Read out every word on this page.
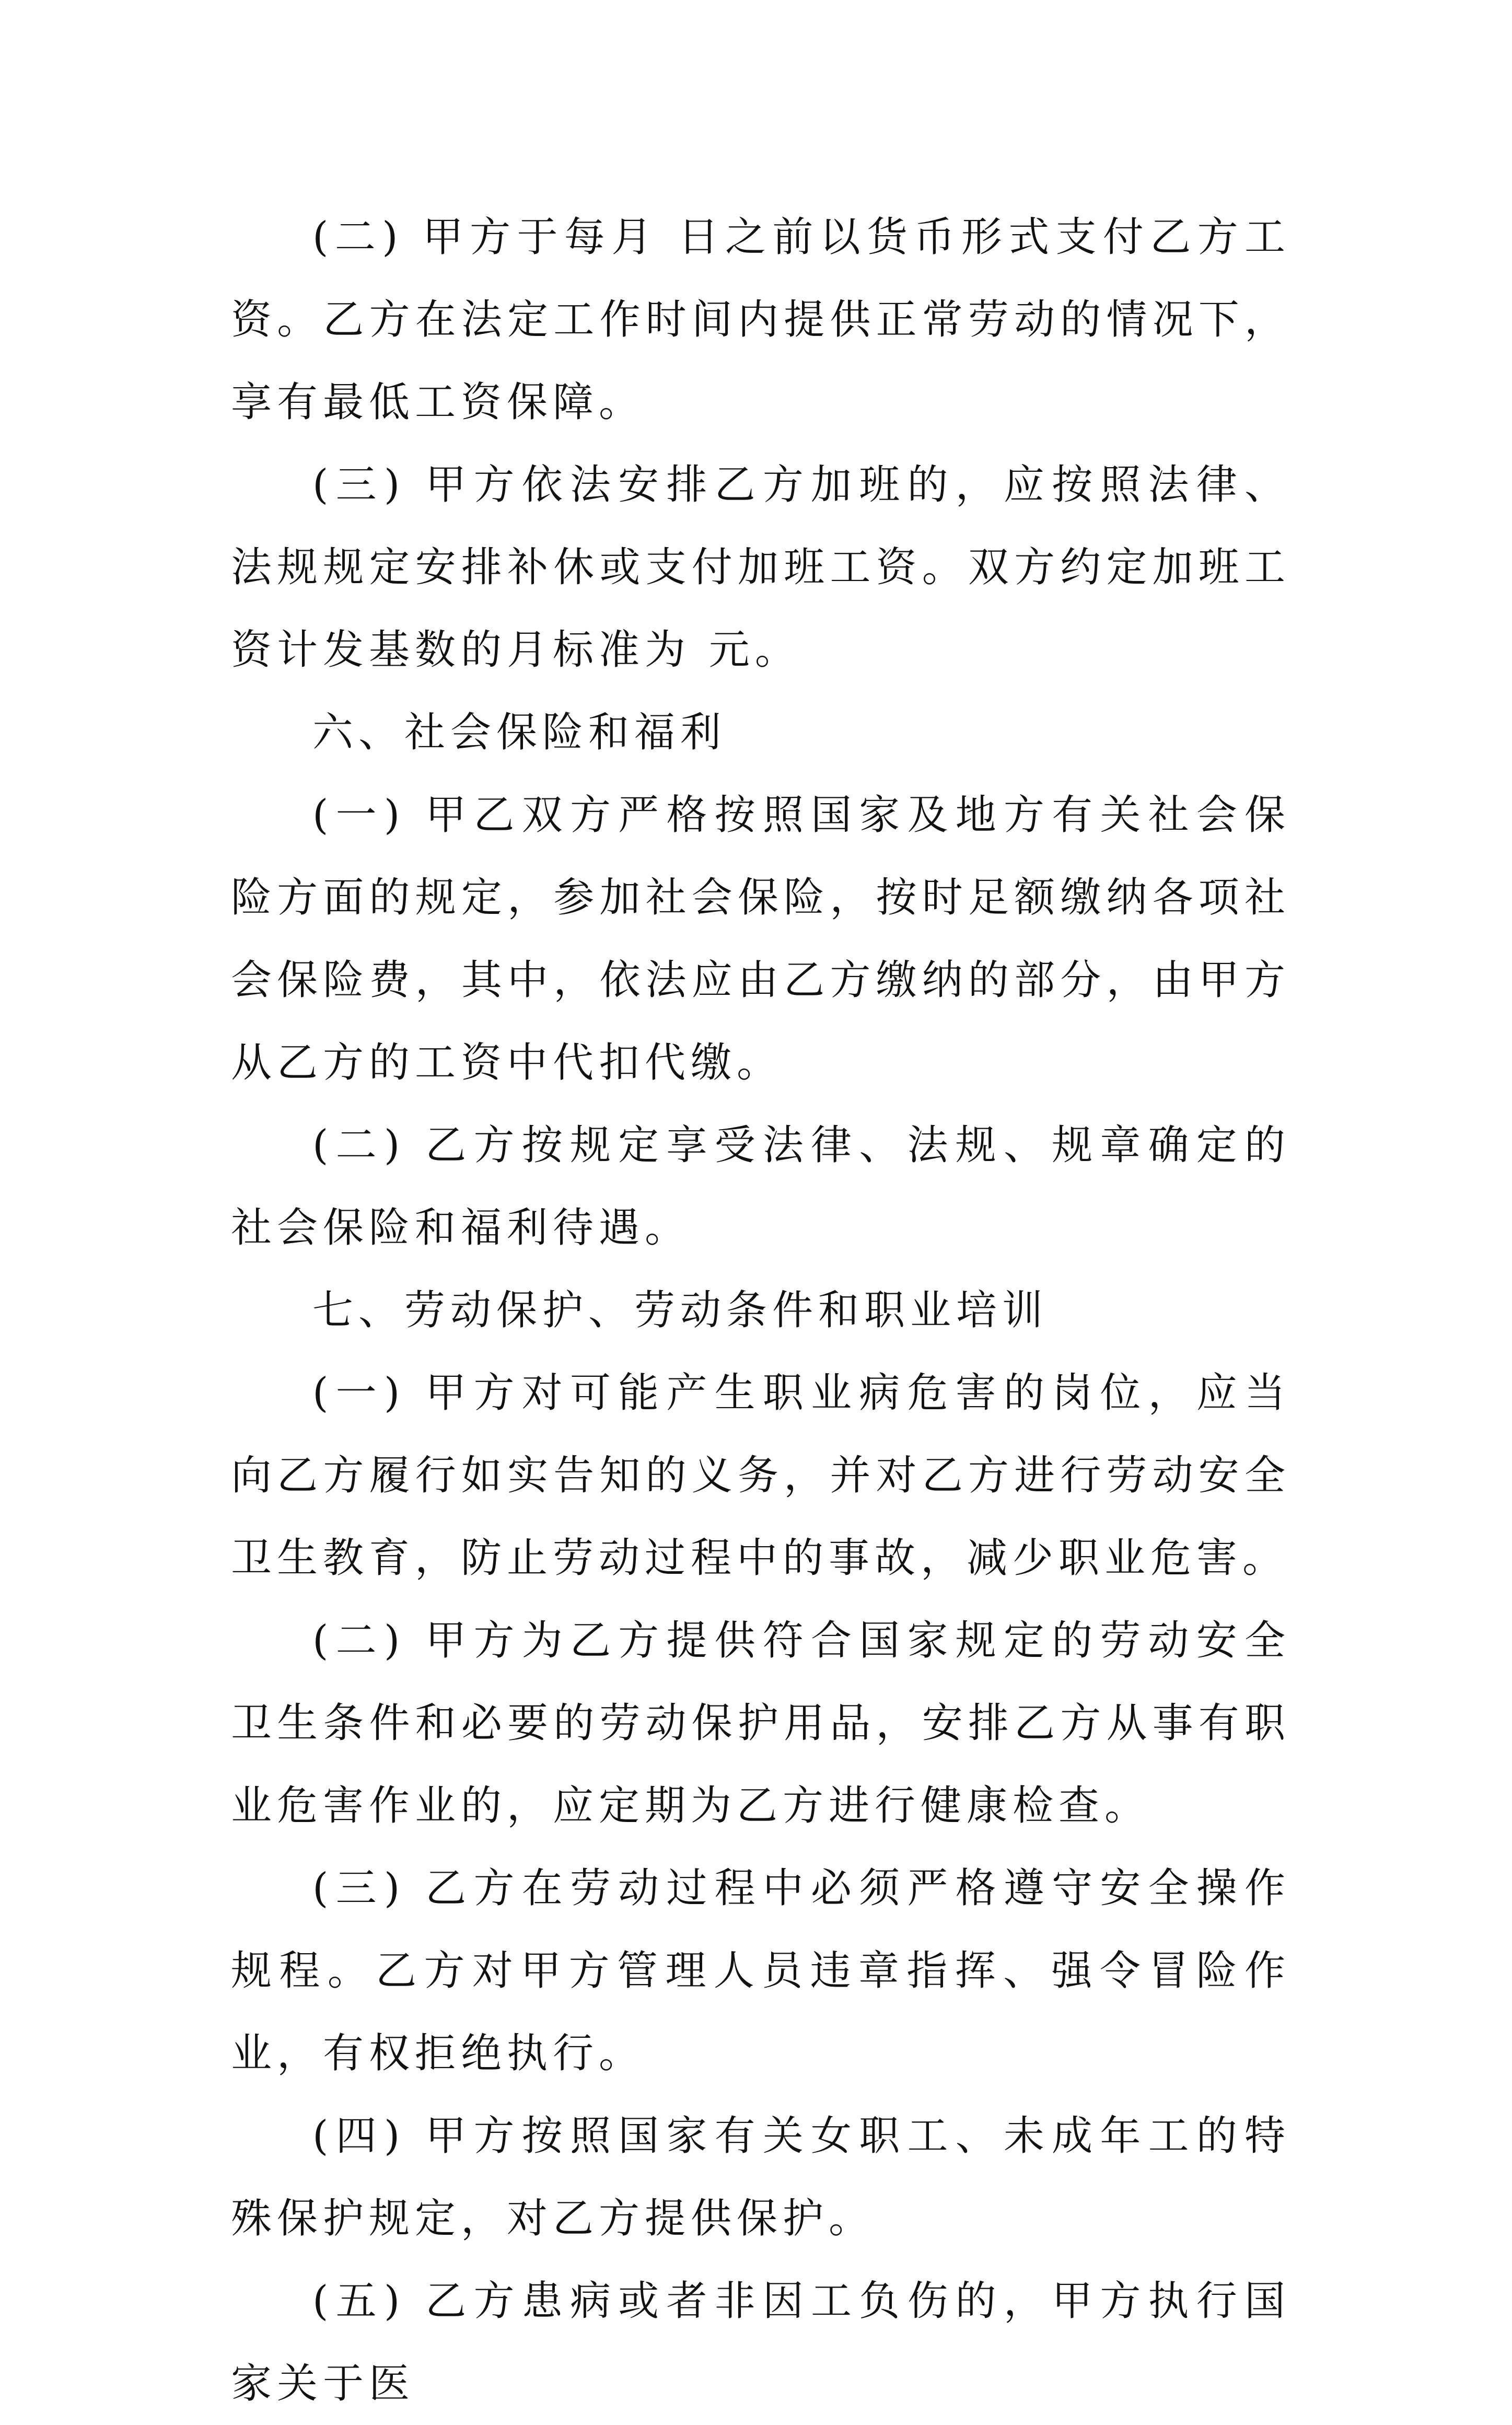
(二) 甲方于每月 日之前以货币形式支付乙方工资。乙方在法定工作时间内提供正常劳动的情况下，享有最低工资保障。

(三) 甲方依法安排乙方加班的，应按照法律、法规规定安排补休或支付加班工资。双方约定加班工资计发基数的月标准为 元。

六、社会保险和福利

(一) 甲乙双方严格按照国家及地方有关社会保险方面的规定，参加社会保险，按时足额缴纳各项社会保险费，其中，依法应由乙方缴纳的部分，由甲方从乙方的工资中代扣代缴。

(二) 乙方按规定享受法律、法规、规章确定的社会保险和福利待遇。

七、劳动保护、劳动条件和职业培训

(一) 甲方对可能产生职业病危害的岗位，应当向乙方履行如实告知的义务，并对乙方进行劳动安全卫生教育，防止劳动过程中的事故，减少职业危害。

(二) 甲方为乙方提供符合国家规定的劳动安全卫生条件和必要的劳动保护用品，安排乙方从事有职业危害作业的，应定期为乙方进行健康检查。

(三) 乙方在劳动过程中必须严格遵守安全操作规程。乙方对甲方管理人员违章指挥、强令冒险作业，有权拒绝执行。

(四) 甲方按照国家有关女职工、未成年工的特殊保护规定，对乙方提供保护。

(五) 乙方患病或者非因工负伤的，甲方执行国家关于医
